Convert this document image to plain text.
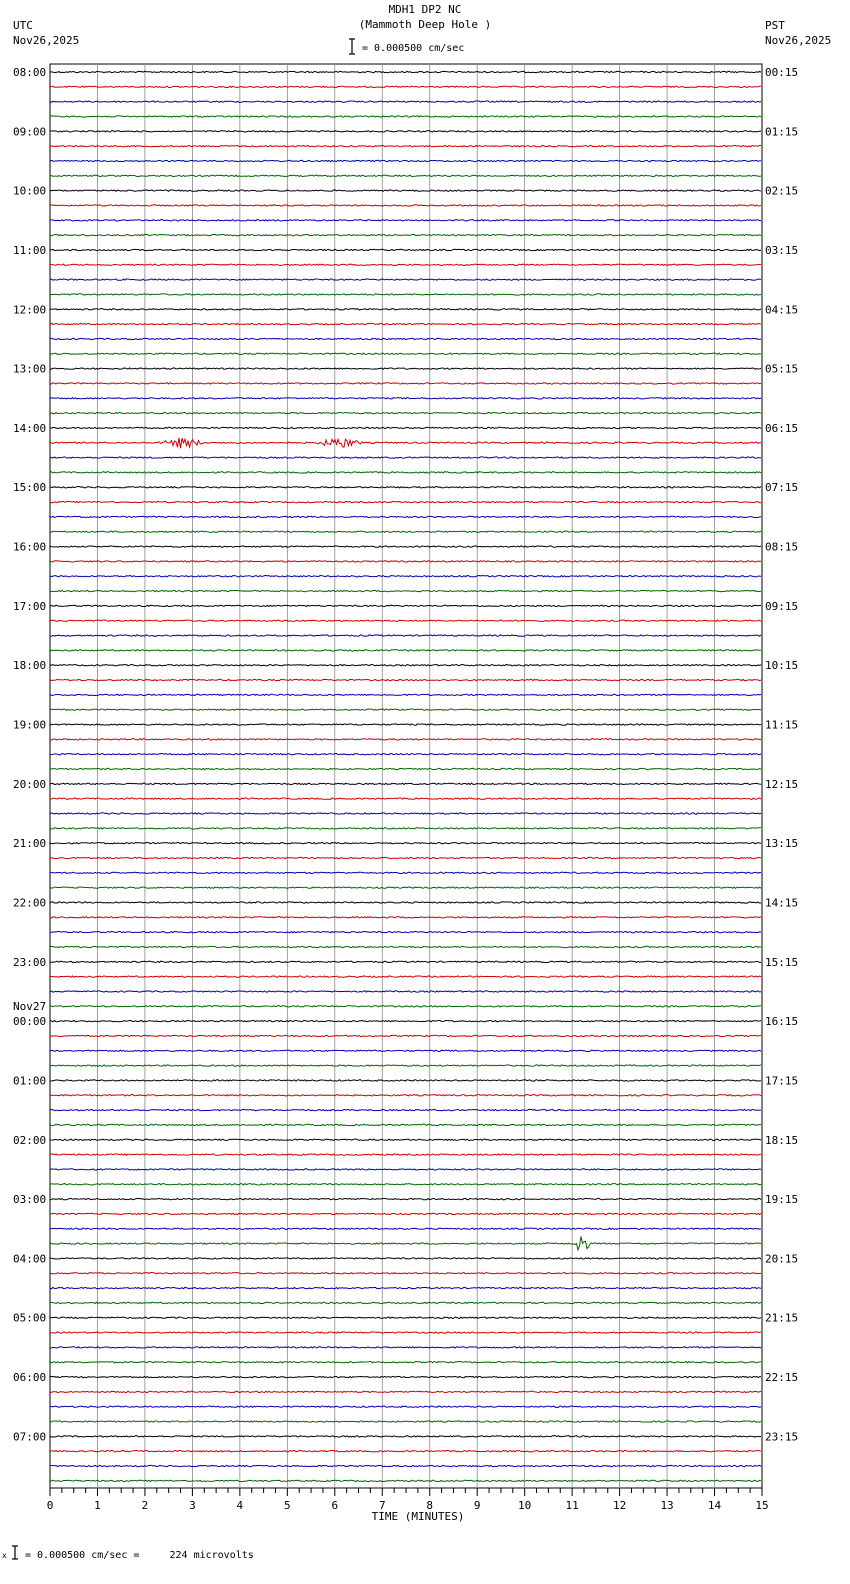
MDH1 DP2 NC
(Mammoth Deep Hole )
UTC
Nov26,2025
PST
Nov26,2025
= 0.000500 cm/sec
08:00	00:15
09:00	01:15
10:00	02:15
11:00	03:15
12:00	04:15
13:00	05:15
14:00	06:15
15:00	07:15
16:00	08:15
17:00	09:15
18:00	10:15
19:00	11:15
20:00	12:15
21:00	13:15
22:00	14:15
23:00	15:15
00:00	16:15
01:00	17:15
02:00	18:15
03:00	19:15
04:00	20:15
05:00	21:15
06:00	22:15
07:00	23:15
Nov27
0	1	2	3	4	5	6	7	8	9	10	11	12	13	14	15
TIME (MINUTES)
x = 0.000500 cm/sec =     224 microvolts
